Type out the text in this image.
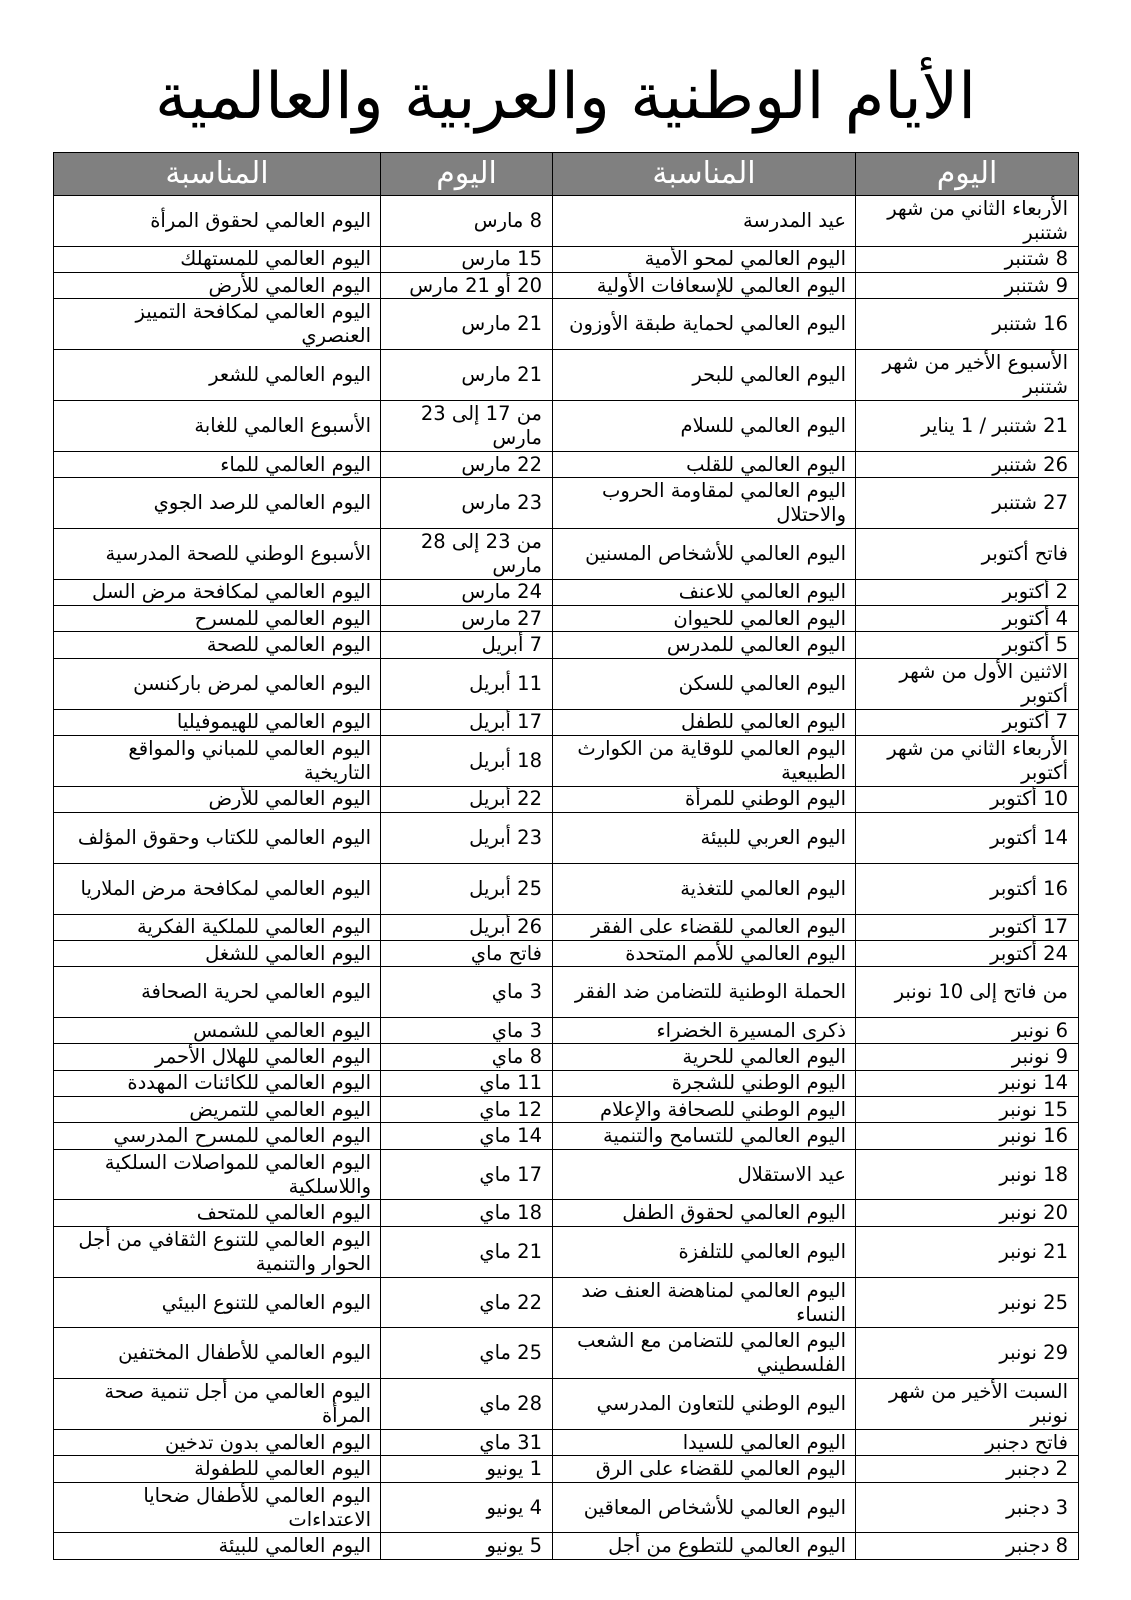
الأيام الوطنية والعربية والعالمية
اليوم	المناسبة	اليوم	المناسبة
الأربعاء الثاني من شهر شتنبر	عيد المدرسة	8 مارس	اليوم العالمي لحقوق المرأة
8 شتنبر	اليوم العالمي لمحو الأمية	15 مارس	اليوم العالمي للمستهلك
9 شتنبر	اليوم العالمي للإسعافات الأولية	20 أو 21 مارس	اليوم العالمي للأرض
16 شتنبر	اليوم العالمي لحماية طبقة الأوزون	21 مارس	اليوم العالمي لمكافحة التمييز العنصري
الأسبوع الأخير من شهر شتنبر	اليوم العالمي للبحر	21 مارس	اليوم العالمي للشعر
21 شتنبر / 1 يناير	اليوم العالمي للسلام	من 17 إلى 23 مارس	الأسبوع العالمي للغابة
26 شتنبر	اليوم العالمي للقلب	22 مارس	اليوم العالمي للماء
27 شتنبر	اليوم العالمي لمقاومة الحروب والاحتلال	23 مارس	اليوم العالمي للرصد الجوي
فاتح أكتوبر	اليوم العالمي للأشخاص المسنين	من 23 إلى 28 مارس	الأسبوع الوطني للصحة المدرسية
2 أكتوبر	اليوم العالمي للاعنف	24 مارس	اليوم العالمي لمكافحة مرض السل
4 أكتوبر	اليوم العالمي للحيوان	27 مارس	اليوم العالمي للمسرح
5 أكتوبر	اليوم العالمي للمدرس	7 أبريل	اليوم العالمي للصحة
الاثنين الأول من شهر أكتوبر	اليوم العالمي للسكن	11 أبريل	اليوم العالمي لمرض باركنسن
7 أكتوبر	اليوم العالمي للطفل	17 أبريل	اليوم العالمي للهيموفيليا
الأربعاء الثاني من شهر أكتوبر	اليوم العالمي للوقاية من الكوارث الطبيعية	18 أبريل	اليوم العالمي للمباني والمواقع التاريخية
10 أكتوبر	اليوم الوطني للمرأة	22 أبريل	اليوم العالمي للأرض
14 أكتوبر	اليوم العربي للبيئة	23 أبريل	اليوم العالمي للكتاب وحقوق المؤلف
16 أكتوبر	اليوم العالمي للتغذية	25 أبريل	اليوم العالمي لمكافحة مرض الملاريا
17 أكتوبر	اليوم العالمي للقضاء على الفقر	26 أبريل	اليوم العالمي للملكية الفكرية
24 أكتوبر	اليوم العالمي للأمم المتحدة	فاتح ماي	اليوم العالمي للشغل
من فاتح إلى 10 نونبر	الحملة الوطنية للتضامن ضد الفقر	3 ماي	اليوم العالمي لحرية الصحافة
6 نونبر	ذكرى المسيرة الخضراء	3 ماي	اليوم العالمي للشمس
9 نونبر	اليوم العالمي للحرية	8 ماي	اليوم العالمي للهلال الأحمر
14 نونبر	اليوم الوطني للشجرة	11 ماي	اليوم العالمي للكائنات المهددة
15 نونبر	اليوم الوطني للصحافة والإعلام	12 ماي	اليوم العالمي للتمريض
16 نونبر	اليوم العالمي للتسامح والتنمية	14 ماي	اليوم العالمي للمسرح المدرسي
18 نونبر	عيد الاستقلال	17 ماي	اليوم العالمي للمواصلات السلكية واللاسلكية
20 نونبر	اليوم العالمي لحقوق الطفل	18 ماي	اليوم العالمي للمتحف
21 نونبر	اليوم العالمي للتلفزة	21 ماي	اليوم العالمي للتنوع الثقافي من أجل الحوار والتنمية
25 نونبر	اليوم العالمي لمناهضة العنف ضد النساء	22 ماي	اليوم العالمي للتنوع البيئي
29 نونبر	اليوم العالمي للتضامن مع الشعب الفلسطيني	25 ماي	اليوم العالمي للأطفال المختفين
السبت الأخير من شهر نونبر	اليوم الوطني للتعاون المدرسي	28 ماي	اليوم العالمي من أجل تنمية صحة المرأة
فاتح دجنبر	اليوم العالمي للسيدا	31 ماي	اليوم العالمي بدون تدخين
2 دجنبر	اليوم العالمي للقضاء على الرق	1 يونيو	اليوم العالمي للطفولة
3 دجنبر	اليوم العالمي للأشخاص المعاقين	4 يونيو	اليوم العالمي للأطفال ضحايا الاعتداءات
8 دجنبر	اليوم العالمي للتطوع من أجل	5 يونيو	اليوم العالمي للبيئة
